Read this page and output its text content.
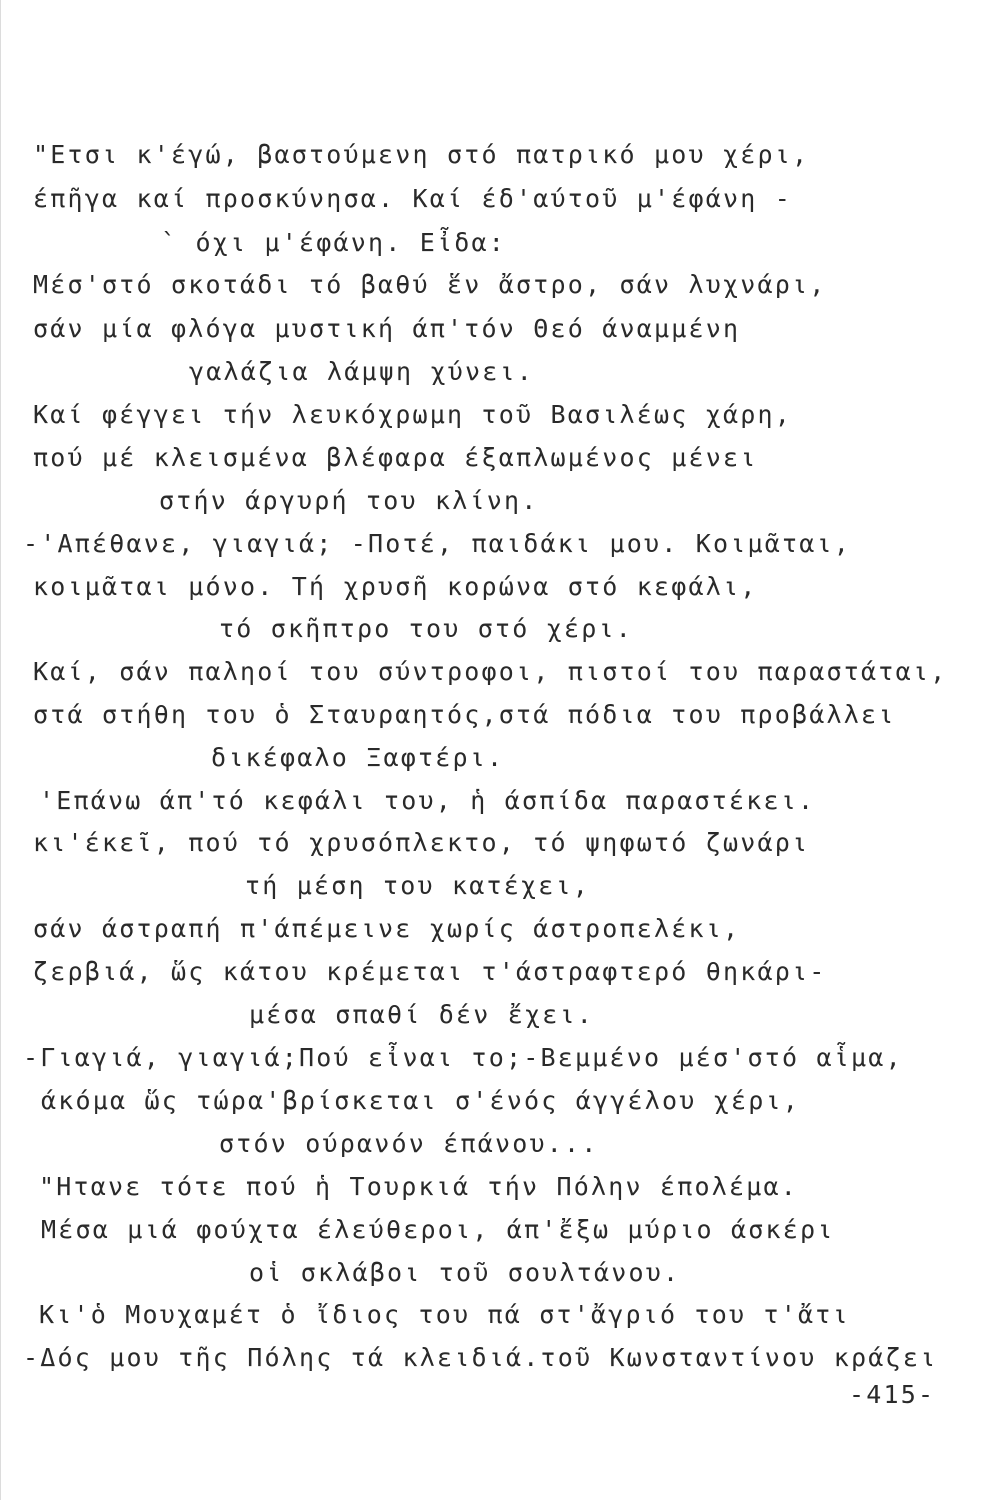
"Ετσι κ'έγώ, βαστούμενη στό πατρικό μου χέρι,
έπῆγα καί προσκύνησα. Καί έδ'αύτοῦ μ'έφάνη -
` όχι μ'έφάνη. Εἶδα:
Μέσ'στό σκοτάδι τό βαθύ ἕν ἄστρο, σάν λυχνάρι,
σάν μία φλόγα μυστική άπ'τόν Θεό άναμμένη
γαλάζια λάμψη χύνει.
Καί φέγγει τήν λευκόχρωμη τοῦ Βασιλέως χάρη,
πού μέ κλεισμένα βλέφαρα έξαπλωμένος μένει
στήν άργυρή του κλίνη.
-'Απέθανε, γιαγιά; -Ποτέ, παιδάκι μου. Κοιμᾶται,
κοιμᾶται μόνο. Τή χρυσῆ κορώνα στό κεφάλι,
τό σκῆπτρο του στό χέρι.
Καί, σάν παληοί του σύντροφοι, πιστοί του παραστάται,
στά στήθη του ὁ Σταυραητός,στά πόδια του προβάλλει
δικέφαλο Ξαφτέρι.
'Επάνω άπ'τό κεφάλι του, ἡ άσπίδα παραστέκει.
κι'έκεῖ, πού τό χρυσόπλεκτο, τό ψηφωτό ζωνάρι
τή μέση του κατέχει,
σάν άστραπή π'άπέμεινε χωρίς άστροπελέκι,
ζερβιά, ὥς κάτου κρέμεται τ'άστραφτερό θηκάρι-
μέσα σπαθί δέν ἔχει.
-Γιαγιά, γιαγιά;Πού εἶναι το;-Βεμμένο μέσ'στό αἷμα,
άκόμα ὥς τώρα'βρίσκεται σ'ένός άγγέλου χέρι,
στόν ούρανόν έπάνου...
"Ητανε τότε πού ἡ Τουρκιά τήν Πόλην έπολέμα.
Μέσα μιά φούχτα έλεύθεροι, άπ'ἔξω μύριο άσκέρι
οἱ σκλάβοι τοῦ σουλτάνου.
Κι'ὁ Μουχαμέτ ὁ ἴδιος του πά στ'ἄγριό του τ'ἄτι
-Δός μου τῆς Πόλης τά κλειδιά.τοῦ Κωνσταντίνου κράζει
-415-
